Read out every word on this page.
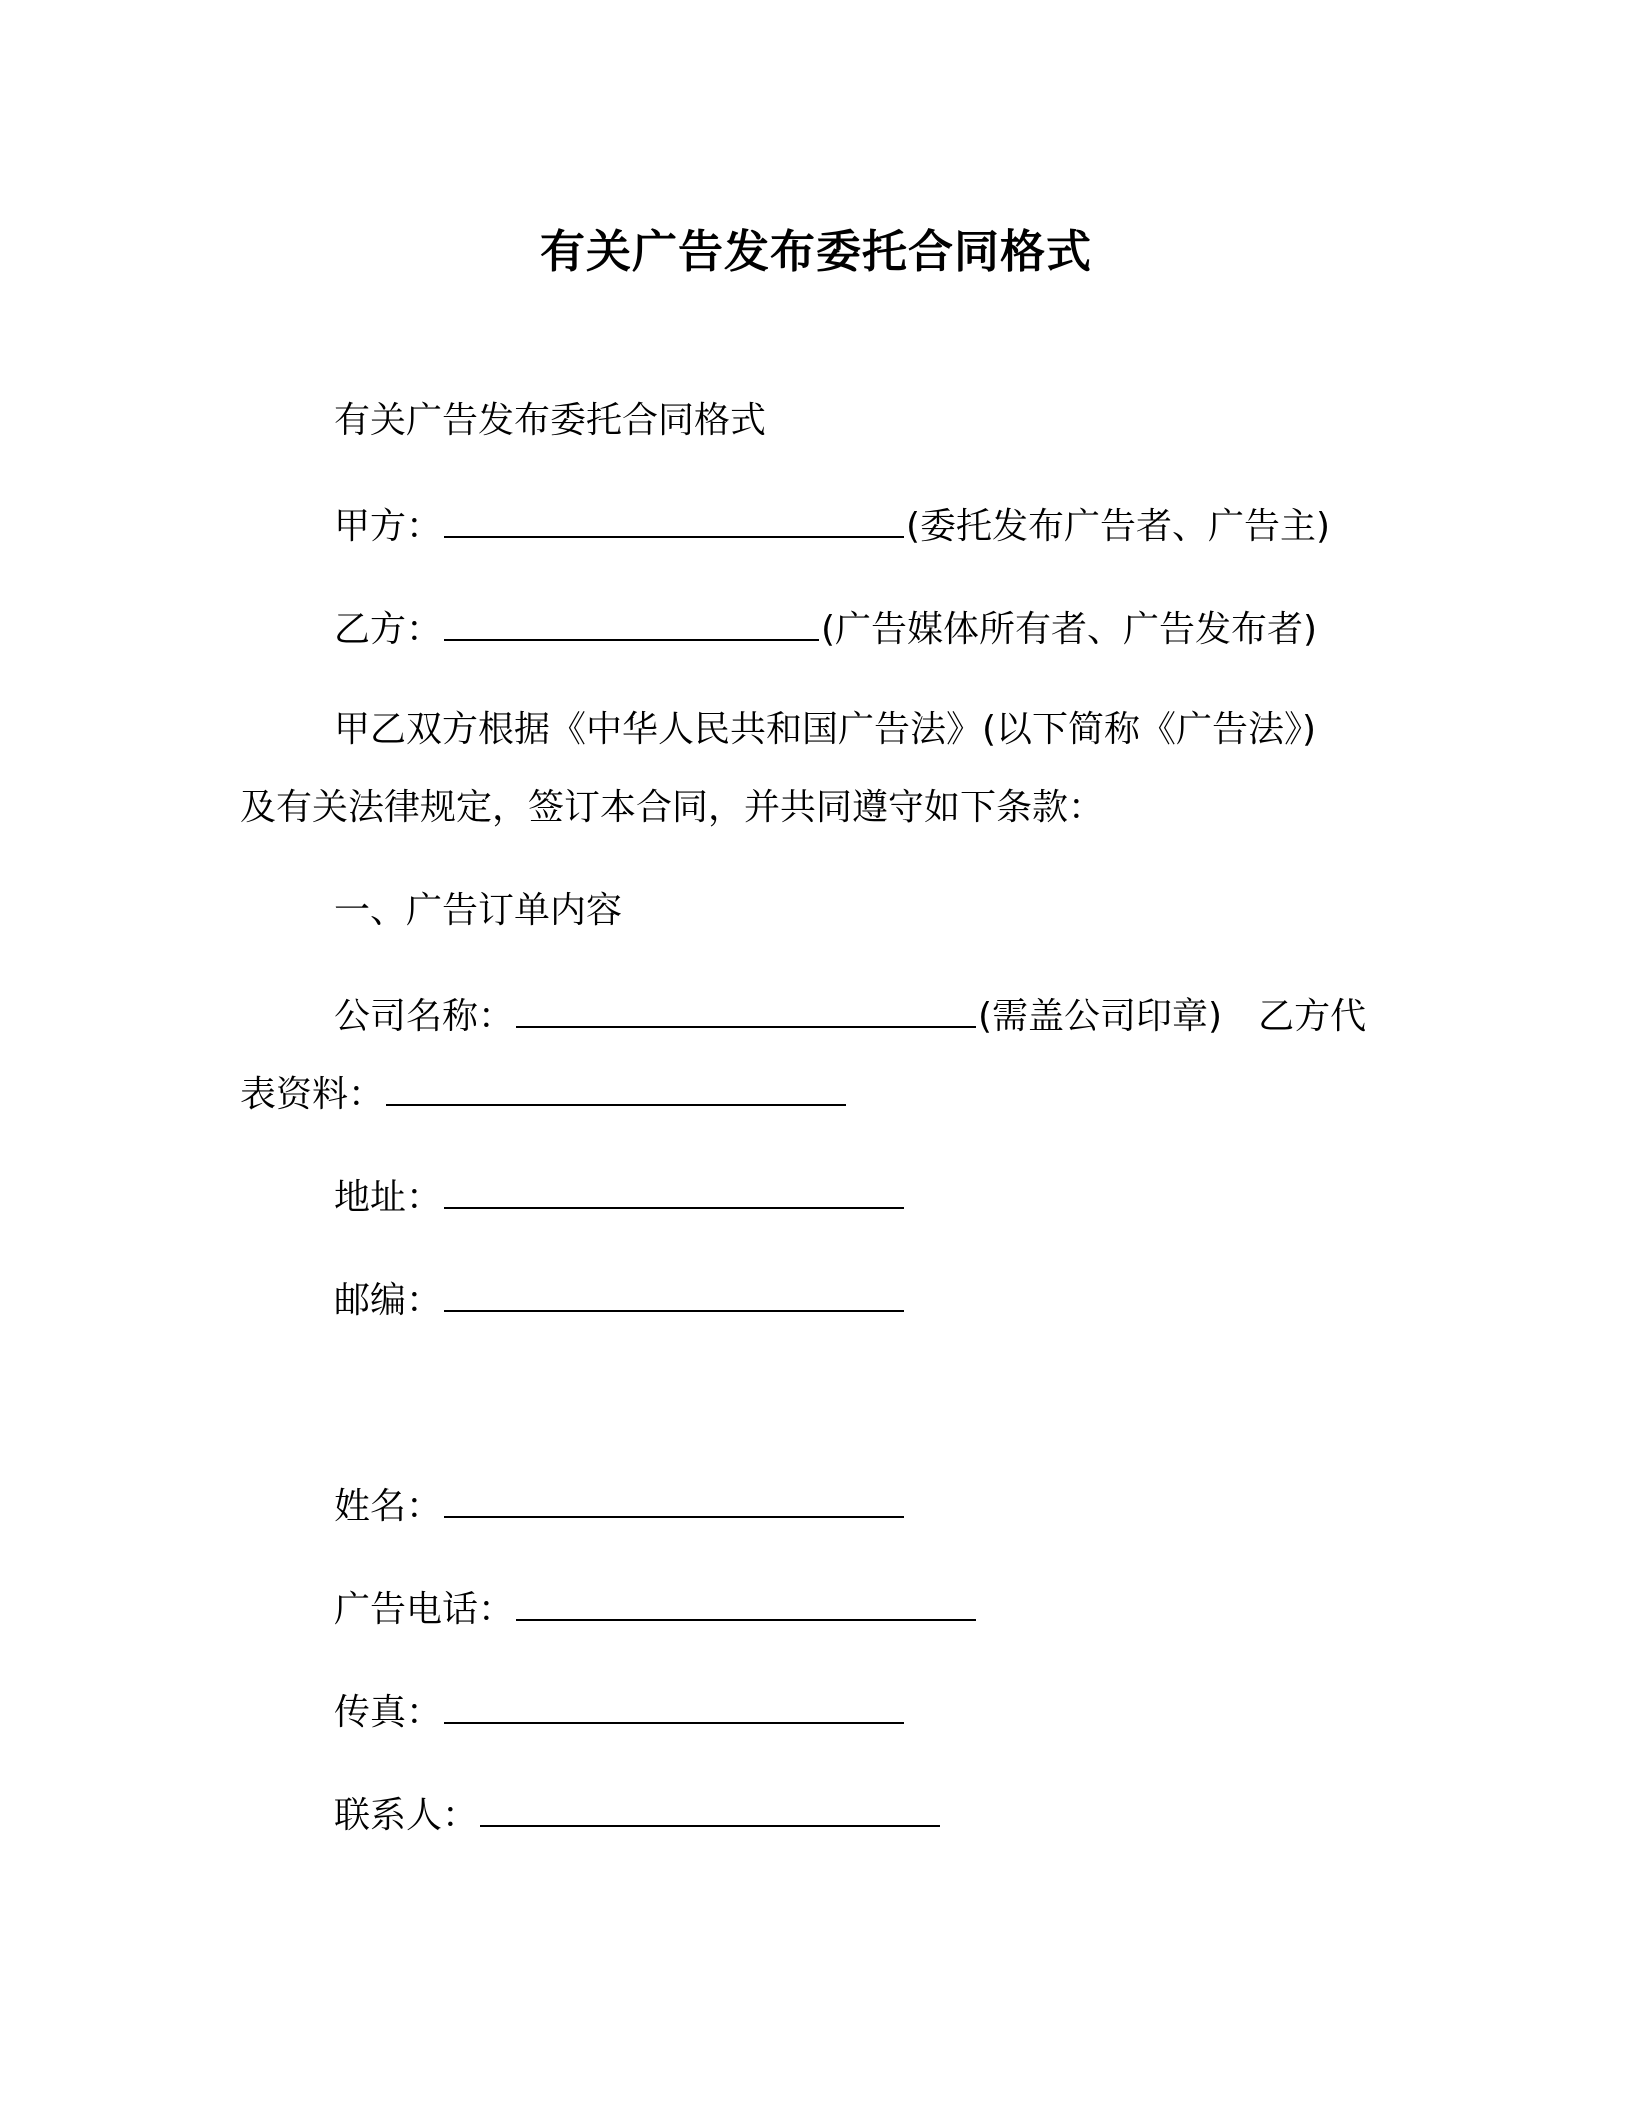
有关广告发布委托合同格式
有关广告发布委托合同格式
甲方：	(委托发布广告者、广告主)
乙方：	(广告媒体所有者、广告发布者)
甲乙双方根据《中华人民共和国广告法》(以下简称《广告法》)
及有关法律规定，签订本合同，并共同遵守如下条款：
一、广告订单内容
公司名称：	(需盖公司印章)　乙方代
表资料：
地址：
邮编：
姓名：
广告电话：
传真：
联系人：
